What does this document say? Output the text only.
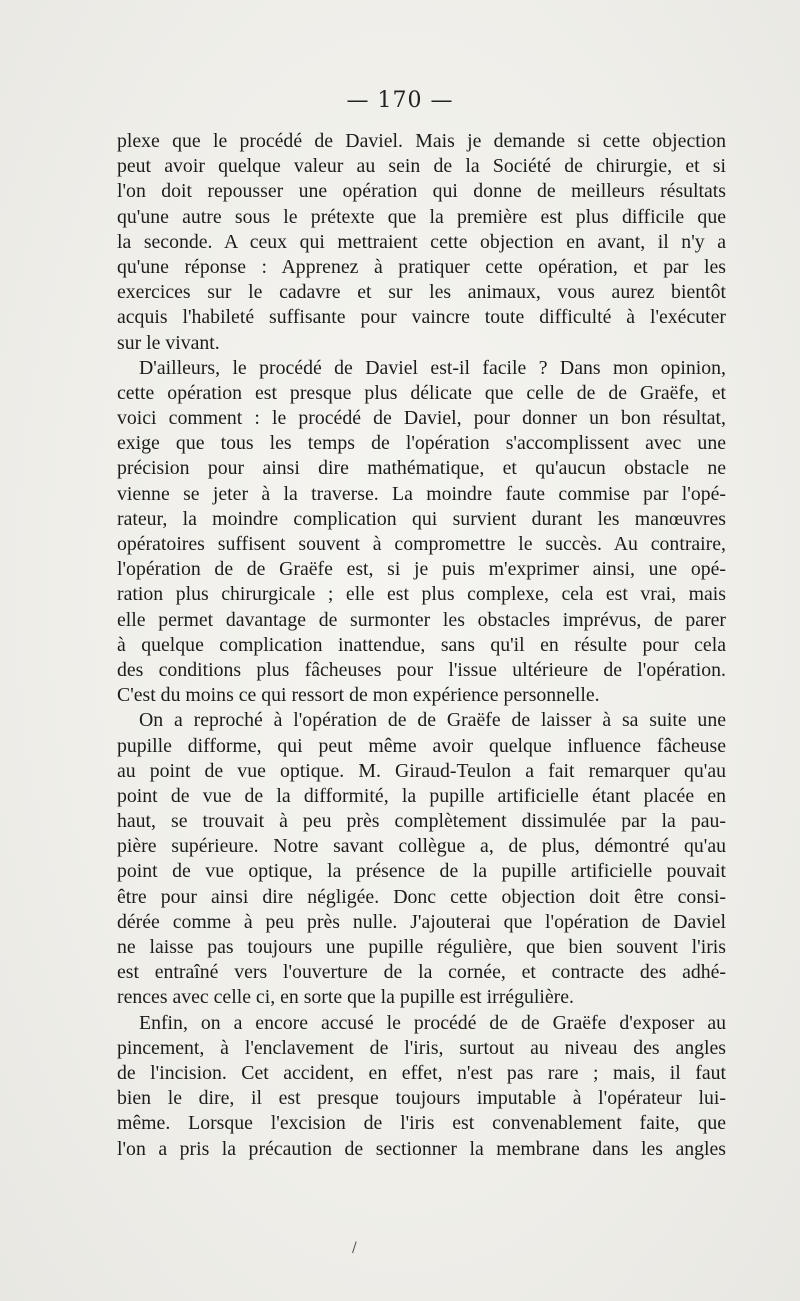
— 170 —
plexe que le procédé de Daviel. Mais je demande si cette objection
peut avoir quelque valeur au sein de la Société de chirurgie, et si
l'on doit repousser une opération qui donne de meilleurs résultats
qu'une autre sous le prétexte que la première est plus difficile que
la seconde. A ceux qui mettraient cette objection en avant, il n'y a
qu'une réponse : Apprenez à pratiquer cette opération, et par les
exercices sur le cadavre et sur les animaux, vous aurez bientôt
acquis l'habileté suffisante pour vaincre toute difficulté à l'exécuter
sur le vivant.
D'ailleurs, le procédé de Daviel est-il facile ? Dans mon opinion,
cette opération est presque plus délicate que celle de de Graëfe, et
voici comment : le procédé de Daviel, pour donner un bon résultat,
exige que tous les temps de l'opération s'accomplissent avec une
précision pour ainsi dire mathématique, et qu'aucun obstacle ne
vienne se jeter à la traverse. La moindre faute commise par l'opé-
rateur, la moindre complication qui survient durant les manœuvres
opératoires suffisent souvent à compromettre le succès. Au contraire,
l'opération de de Graëfe est, si je puis m'exprimer ainsi, une opé-
ration plus chirurgicale ; elle est plus complexe, cela est vrai, mais
elle permet davantage de surmonter les obstacles imprévus, de parer
à quelque complication inattendue, sans qu'il en résulte pour cela
des conditions plus fâcheuses pour l'issue ultérieure de l'opération.
C'est du moins ce qui ressort de mon expérience personnelle.
On a reproché à l'opération de de Graëfe de laisser à sa suite une
pupille difforme, qui peut même avoir quelque influence fâcheuse
au point de vue optique. M. Giraud-Teulon a fait remarquer qu'au
point de vue de la difformité, la pupille artificielle étant placée en
haut, se trouvait à peu près complètement dissimulée par la pau-
pière supérieure. Notre savant collègue a, de plus, démontré qu'au
point de vue optique, la présence de la pupille artificielle pouvait
être pour ainsi dire négligée. Donc cette objection doit être consi-
dérée comme à peu près nulle. J'ajouterai que l'opération de Daviel
ne laisse pas toujours une pupille régulière, que bien souvent l'iris
est entraîné vers l'ouverture de la cornée, et contracte des adhé-
rences avec celle ci, en sorte que la pupille est irrégulière.
Enfin, on a encore accusé le procédé de de Graëfe d'exposer au
pincement, à l'enclavement de l'iris, surtout au niveau des angles
de l'incision. Cet accident, en effet, n'est pas rare ; mais, il faut
bien le dire, il est presque toujours imputable à l'opérateur lui-
même. Lorsque l'excision de l'iris est convenablement faite, que
l'on a pris la précaution de sectionner la membrane dans les angles
/
